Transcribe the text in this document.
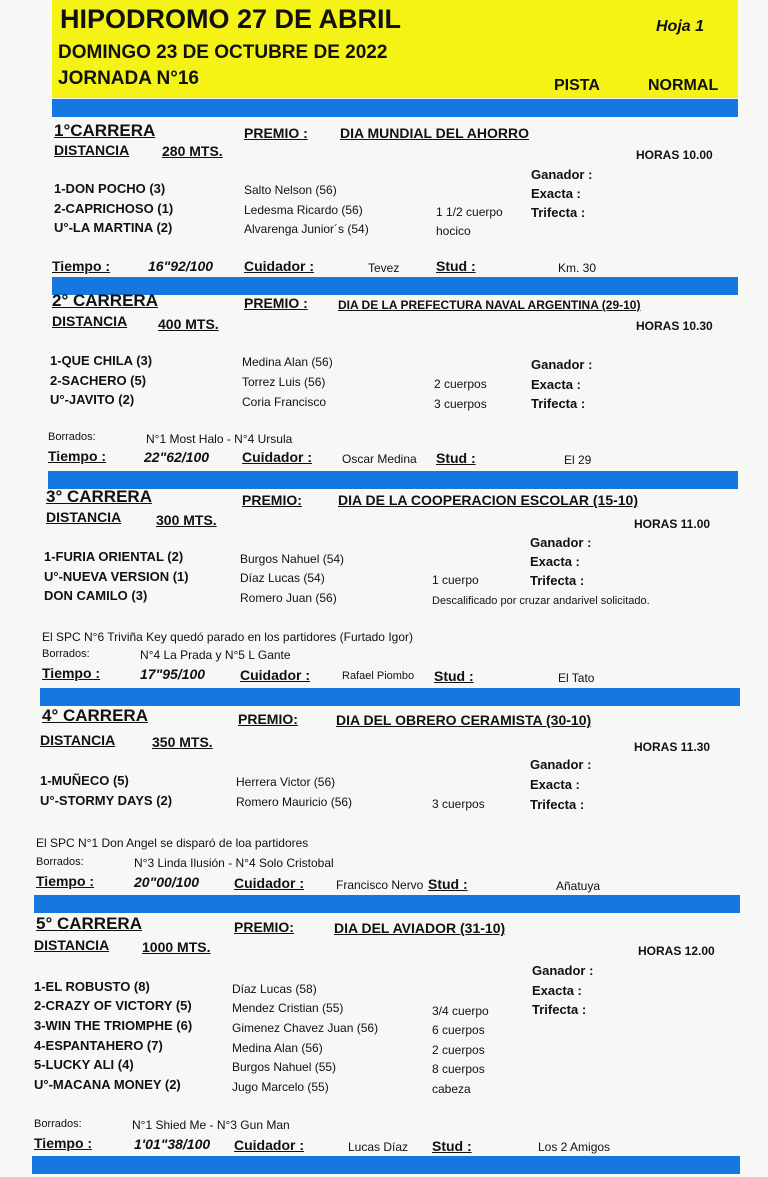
HIPODROMO 27 DE ABRIL	Hoja 1
DOMINGO 23 DE OCTUBRE DE 2022
JORNADA N°16	PISTA	NORMAL
1°CARRERA	PREMIO : DIA MUNDIAL DEL AHORRO
DISTANCIA 280 MTS.	HORAS 10.00
Ganador :
Exacta :
Trifecta :
1-DON POCHO (3)	Salto Nelson (56)
2-CAPRICHOSO (1)	Ledesma Ricardo (56)	1 1/2 cuerpo
U°-LA MARTINA (2)	Alvarenga Junior´s (54)	hocico
Tiempo :	16"92/100 Cuidador :	Tevez	Stud :	Km. 30
2° CARRERA	PREMIO :	DIA DE LA PREFECTURA NAVAL ARGENTINA (29-10)
DISTANCIA 400 MTS.	HORAS 10.30
Ganador :
Exacta :
Trifecta :
1-QUE CHILA (3)	Medina Alan (56)
2-SACHERO (5)	Torrez Luis (56)	2 cuerpos
U°-JAVITO (2)	Coria Francisco	3 cuerpos
Borrados:	N°1 Most Halo - N°4 Ursula
Tiempo :	22"62/100 Cuidador :	Oscar Medina Stud :	El 29
3° CARRERA	PREMIO:	DIA DE LA COOPERACION ESCOLAR (15-10)
DISTANCIA 300 MTS.	HORAS 11.00
Ganador :
Exacta :
Trifecta :
1-FURIA ORIENTAL (2)	Burgos Nahuel (54)
U°-NUEVA VERSION (1)	Díaz Lucas (54)	1 cuerpo
DON CAMILO (3)	Romero Juan (56)	Descalificado por cruzar andarivel solicitado.
El SPC N°6 Triviña Key quedó parado en los partidores (Furtado Igor)
Borrados:	N°4 La Prada y N°5 L Gante
Tiempo :	17"95/100 Cuidador :	Rafael Piombo Stud :	El Tato
4° CARRERA	PREMIO:	DIA DEL OBRERO CERAMISTA (30-10)
DISTANCIA	350 MTS.	HORAS 11.30
Ganador :
Exacta :
Trifecta :
1-MUÑECO (5)	Herrera Victor (56)
U°-STORMY DAYS (2)	Romero Mauricio (56)	3 cuerpos
El SPC N°1 Don Angel se disparó de loa partidores
Borrados:	N°3 Linda Ilusión - N°4 Solo Cristobal
Tiempo :	20"00/100 Cuidador :	Francisco Nervo Stud :	Añatuya
5° CARRERA	PREMIO:	DIA DEL AVIADOR (31-10)
DISTANCIA 1000 MTS.	HORAS 12.00
Ganador :
Exacta :
Trifecta :
1-EL ROBUSTO (8)	Díaz Lucas (58)
2-CRAZY OF VICTORY (5)	Mendez Cristian (55)	3/4 cuerpo
3-WIN THE TRIOMPHE (6)	Gimenez Chavez Juan (56)	6 cuerpos
4-ESPANTAHERO (7)	Medina Alan (56)	2 cuerpos
5-LUCKY ALI (4)	Burgos Nahuel (55)	8 cuerpos
U°-MACANA MONEY (2)	Jugo Marcelo (55)	cabeza
Borrados:	N°1 Shied Me - N°3 Gun Man
Tiempo :	1'01"38/100 Cuidador :	Lucas Díaz Stud :	Los 2 Amigos
